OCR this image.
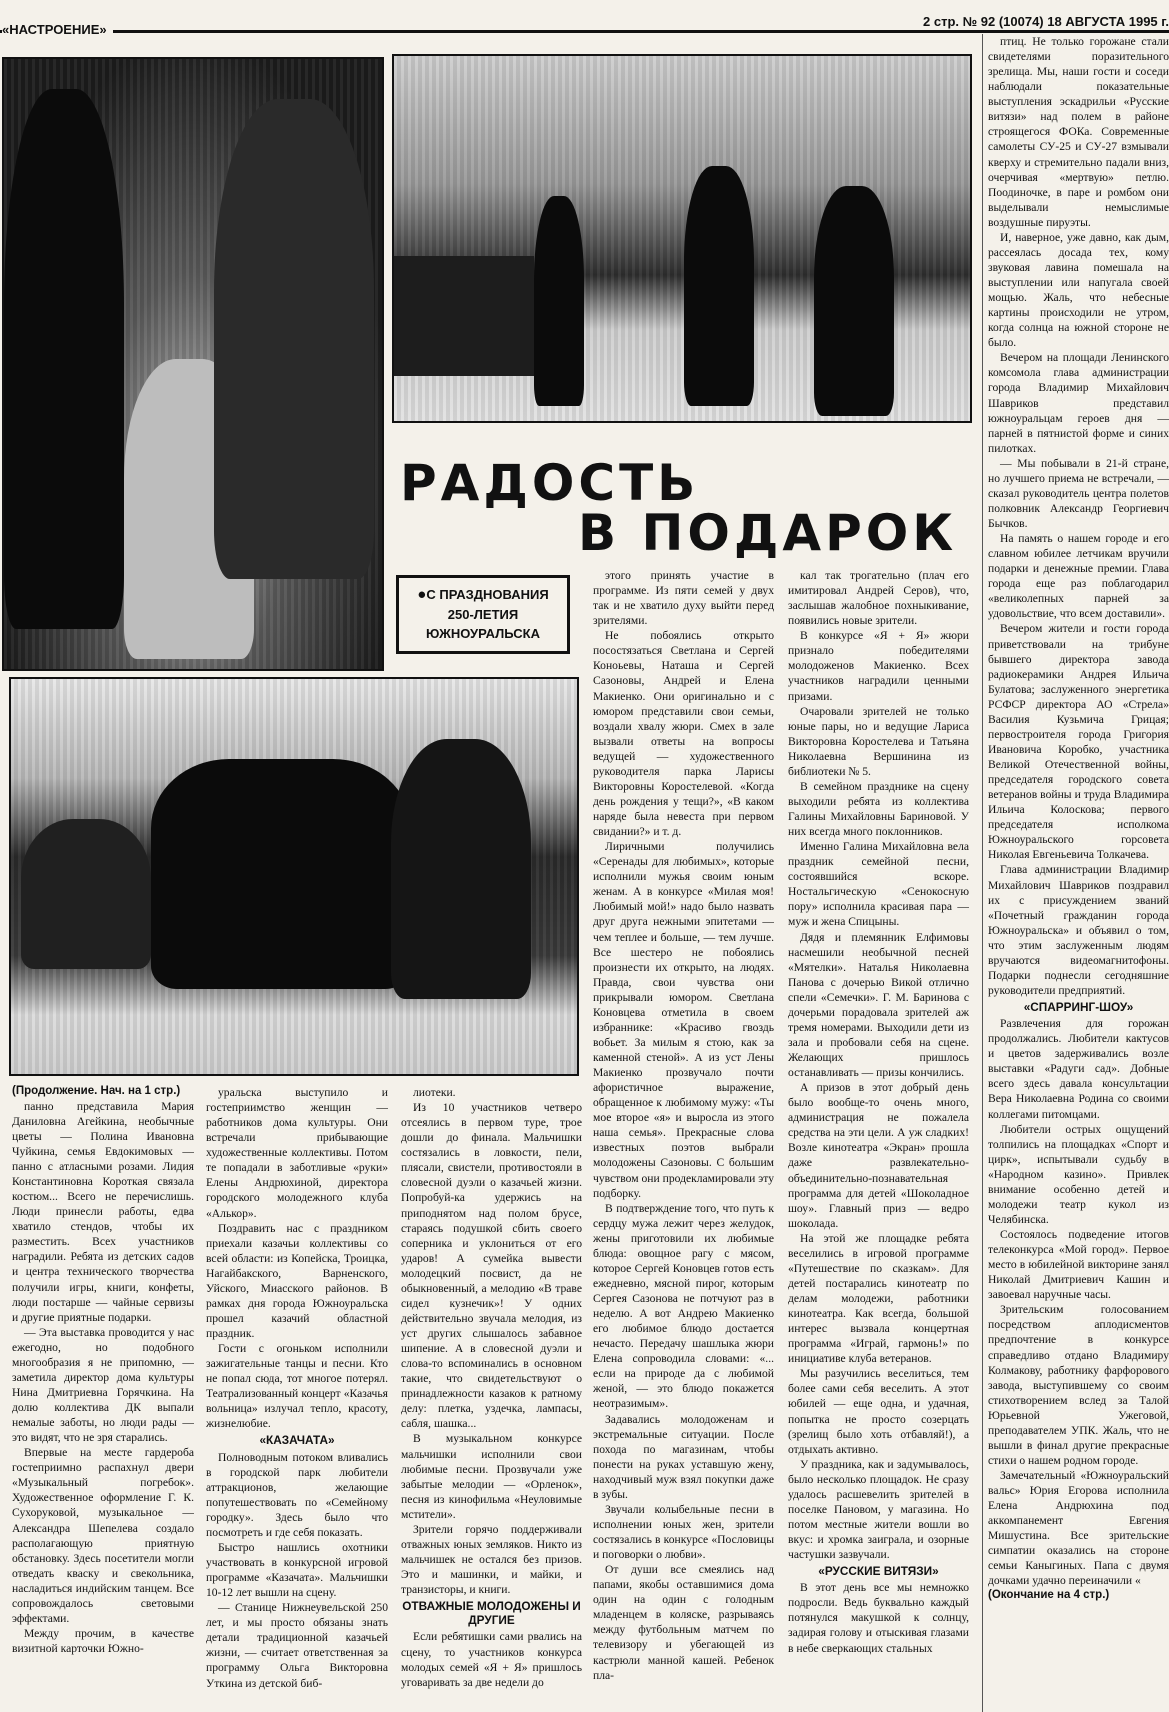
«НАСТРОЕНИЕ»
2 стр. № 92 (10074) 18 АВГУСТА 1995 г.
РАДОСТЬ
В ПОДАРОК
●С ПРАЗДНОВАНИЯ
250-ЛЕТИЯ
ЮЖНОУРАЛЬСКА

(Продолжение. Нач. на 1 стр.)

панно представила Мария Даниловна Агейкина, необычные цветы — Полина Ивановна Чуйкина, семья Евдокимовых — панно с атласными розами. Лидия Константиновна Короткая связала костюм... Всего не перечислишь. Люди принесли работы, едва хватило стендов, чтобы их разместить. Всех участников наградили. Ребята из детских садов и центра технического творчества получили игры, книги, конфеты, люди постарше — чайные сервизы и другие приятные подарки.

— Эта выставка проводится у нас ежегодно, но подобного многообразия я не припомню, — заметила директор дома культуры Нина Дмитриевна Горячкина. На долю коллектива ДК выпали немалые заботы, но люди рады — это видят, что не зря старались.

Впервые на месте гардероба гостеприимно распахнул двери «Музыкальный погребок». Художественное оформление Г. К. Сухоруковой, музыкальное — Александра Шепелева создало располагающую приятную обстановку. Здесь посетители могли отведать кваску и свекольника, насладиться индийским танцем. Все сопровождалось световыми эффектами.

Между прочим, в качестве визитной карточки Южно-

уральска выступило и гостеприимство женщин — работников дома культуры. Они встречали прибывающие художественные коллективы. Потом те попадали в заботливые «руки» Елены Андрюхиной, директора городского молодежного клуба «Алькор».

Поздравить нас с праздником приехали казачьи коллективы со всей области: из Копейска, Троицка, Нагайбакского, Варненского, Уйского, Миасского районов. В рамках дня города Южноуральска прошел казачий областной праздник.

Гости с огоньком исполнили зажигательные танцы и песни. Кто не попал сюда, тот многое потерял. Театрализованный концерт «Казачья вольница» излучал тепло, красоту, жизнелюбие.

«КАЗАЧАТА»

Полноводным потоком вливались в городской парк любители аттракционов, желающие попутешествовать по «Семейному городку». Здесь было что посмотреть и где себя показать.

Быстро нашлись охотники участвовать в конкурсной игровой программе «Казачата». Мальчишки 10-12 лет вышли на сцену.

— Станице Нижнеувельской 250 лет, и мы просто обязаны знать детали традиционной казачьей жизни, — считает ответственная за программу Ольга Викторовна Уткина из детской биб-

лиотеки.

Из 10 участников четверо отсеялись в первом туре, трое дошли до финала. Мальчишки состязались в ловкости, пели, плясали, свистели, противостояли в словесной дуэли о казачьей жизни. Попробуй-ка удержись на приподнятом над полом брусе, стараясь подушкой сбить своего соперника и уклониться от его ударов! А сумейка вывести молодецкий посвист, да не обыкновенный, а мелодию «В траве сидел кузнечик»! У одних действительно звучала мелодия, из уст других слышалось забавное шипение. А в словесной дуэли и слова-то вспоминались в основном такие, что свидетельствуют о принадлежности казаков к ратному делу: плетка, уздечка, лампасы, сабля, шашка...

В музыкальном конкурсе мальчишки исполнили свои любимые песни. Прозвучали уже забытые мелодии — «Орленок», песня из кинофильма «Неуловимые мстители».

Зрители горячо поддерживали отважных юных земляков. Никто из мальчишек не остался без призов. Это и машинки, и майки, и транзисторы, и книги.

ОТВАЖНЫЕ МОЛОДОЖЕНЫ И ДРУГИЕ

Если ребятишки сами рвались на сцену, то участников конкурса молодых семей «Я + Я» пришлось уговаривать за две недели до

этого принять участие в программе. Из пяти семей у двух так и не хватило духу выйти перед зрителями.

Не побоялись открыто посостязаться Светлана и Сергей Коноьевы, Наташа и Сергей Сазоновы, Андрей и Елена Макиенко. Они оригинально и с юмором представили свои семьи, воздали хвалу жюри. Смех в зале вызвали ответы на вопросы ведущей — художественного руководителя парка Ларисы Викторовны Коростелевой. «Когда день рождения у тещи?», «В каком наряде была невеста при первом свидании?» и т. д.

Лиричными получились «Серенады для любимых», которые исполнили мужья своим юным женам. А в конкурсе «Милая моя! Любимый мой!» надо было назвать друг друга нежными эпитетами — чем теплее и больше, — тем лучше. Все шестеро не побоялись произнести их открыто, на людях. Правда, свои чувства они прикрывали юмором. Светлана Коновцева отметила в своем избраннике: «Красиво гвоздь вобьет. За милым я стою, как за каменной стеной». А из уст Лены Макиенко прозвучало почти афористичное выражение, обращенное к любимому мужу: «Ты мое второе «я» и выросла из этого наша семья». Прекрасные слова известных поэтов выбрали молодожены Сазоновы. С большим чувством они продекламировали эту подборку.

В подтверждение того, что путь к сердцу мужа лежит через желудок, жены приготовили их любимые блюда: овощное рагу с мясом, которое Сергей Коновцев готов есть ежедневно, мясной пирог, которым Сергея Сазонова не потчуют раз в неделю. А вот Андрею Макиенко его любимое блюдо достается нечасто. Передачу шашлыка жюри Елена сопроводила словами: «... если на природе да с любимой женой, — это блюдо покажется неотразимым».

Задавались молодоженам и экстремальные ситуации. После похода по магазинам, чтобы понести на руках уставшую жену, находчивый муж взял покупки даже в зубы.

Звучали колыбельные песни в исполнении юных жен, зрители состязались в конкурсе «Пословицы и поговорки о любви».

От души все смеялись над папами, якобы оставшимися дома один на один с голодным младенцем в коляске, разрываясь между футбольным матчем по телевизору и убегающей из кастрюли манной кашей. Ребенок пла-

кал так трогательно (плач его имитировал Андрей Серов), что, заслышав жалобное похныкивание, появились новые зрители.

В конкурсе «Я + Я» жюри признало победителями молодоженов Макиенко. Всех участников наградили ценными призами.

Очаровали зрителей не только юные пары, но и ведущие Лариса Викторовна Коростелева и Татьяна Николаевна Вершинина из библиотеки № 5.

В семейном празднике на сцену выходили ребята из коллектива Галины Михайловны Бариновой. У них всегда много поклонников.

Именно Галина Михайловна вела праздник семейной песни, состоявшийся вскоре. Ностальгическую «Сенокосную пору» исполнила красивая пара — муж и жена Спицыны.

Дядя и племянник Елфимовы насмешили необычной песней «Мятелки». Наталья Николаевна Панова с дочерью Викой отлично спели «Семечки». Г. М. Баринова с дочерьми порадовала зрителей аж тремя номерами. Выходили дети из зала и пробовали себя на сцене. Желающих пришлось останавливать — призы кончились.

А призов в этот добрый день было вообще-то очень много, администрация не пожалела средства на эти цели. А уж сладких! Возле кинотеатра «Экран» прошла даже развлекательно-объединительно-познавательная программа для детей «Шоколадное шоу». Главный приз — ведро шоколада.

На этой же площадке ребята веселились в игровой программе «Путешествие по сказкам». Для детей постарались кинотеатр по делам молодежи, работники кинотеатра. Как всегда, большой интерес вызвала концертная программа «Играй, гармонь!» по инициативе клуба ветеранов.

Мы разучились веселиться, тем более сами себя веселить. А этот юбилей — еще одна, и удачная, попытка не просто созерцать (зрелищ было хоть отбавляй!), а отдыхать активно.

У праздника, как и задумывалось, было несколько площадок. Не сразу удалось расшевелить зрителей в поселке Пановом, у магазина. Но потом местные жители вошли во вкус: и хромка заиграла, и озорные частушки зазвучали.

«РУССКИЕ ВИТЯЗИ»

В этот день все мы немножко подросли. Ведь буквально каждый потянулся макушкой к солнцу, задирая голову и отыскивая глазами в небе сверкающих стальных

птиц. Не только горожане стали свидетелями поразительного зрелища. Мы, наши гости и соседи наблюдали показательные выступления эскадрильи «Русские витязи» над полем в районе строящегося ФОКа. Современные самолеты СУ-25 и СУ-27 взмывали кверху и стремительно падали вниз, очерчивая «мертвую» петлю. Поодиночке, в паре и ромбом они выделывали немыслимые воздушные пируэты.

И, наверное, уже давно, как дым, рассеялась досада тех, кому звуковая лавина помешала на выступлении или напугала своей мощью. Жаль, что небесные картины происходили не утром, когда солнца на южной стороне не было.

Вечером на площади Ленинского комсомола глава администрации города Владимир Михайлович Шавриков представил южноуральцам героев дня — парней в пятнистой форме и синих пилотках.

— Мы побывали в 21-й стране, но лучшего приема не встречали, — сказал руководитель центра полетов полковник Александр Георгиевич Бычков.

На память о нашем городе и его славном юбилее летчикам вручили подарки и денежные премии. Глава города еще раз поблагодарил «великолепных парней за удовольствие, что всем доставили».

Вечером жители и гости города приветствовали на трибуне бывшего директора завода радиокерамики Андрея Ильича Булатова; заслуженного энергетика РСФСР директора АО «Стрела» Василия Кузьмича Грицая; первостроителя города Григория Ивановича Коробко, участника Великой Отечественной войны, председателя городского совета ветеранов войны и труда Владимира Ильича Колоскова; первого председателя исполкома Южноуральского горсовета Николая Евгеньевича Толкачева.

Глава администрации Владимир Михайлович Шавриков поздравил их с присуждением званий «Почетный гражданин города Южноуральска» и объявил о том, что этим заслуженным людям вручаются видеомагнитофоны. Подарки поднесли сегодняшние руководители предприятий.

«СПАРРИНГ-ШОУ»

Развлечения для горожан продолжались. Любители кактусов и цветов задерживались возле выставки «Радуги сад». Добные всего здесь давала консультации Вера Николаевна Родина со своими коллегами питомцами.

Любители острых ощущений толпились на площадках «Спорт и цирк», испытывали судьбу в «Народном казино». Привлек внимание особенно детей и молодежи театр кукол из Челябинска.

Состоялось подведение итогов телеконкурса «Мой город». Первое место в юбилейной викторине занял Николай Дмитриевич Кашин и завоевал наручные часы.

Зрительским голосованием посредством аплодисментов предпочтение в конкурсе справедливо отдано Владимиру Колмакову, работнику фарфорового завода, выступившему со своим стихотворением вслед за Талой Юрьевной Ужеговой, преподавателем УПК. Жаль, что не вышли в финал другие прекрасные стихи о нашем родном городе.

Замечательный «Южноуральский вальс» Юрия Егорова исполнила Елена Андрюхина под аккомпанемент Евгения Мишустина. Все зрительские симпатии оказались на стороне семьи Каныгиных. Папа с двумя дочками удачно переиначили «

(Окончание на 4 стр.)
